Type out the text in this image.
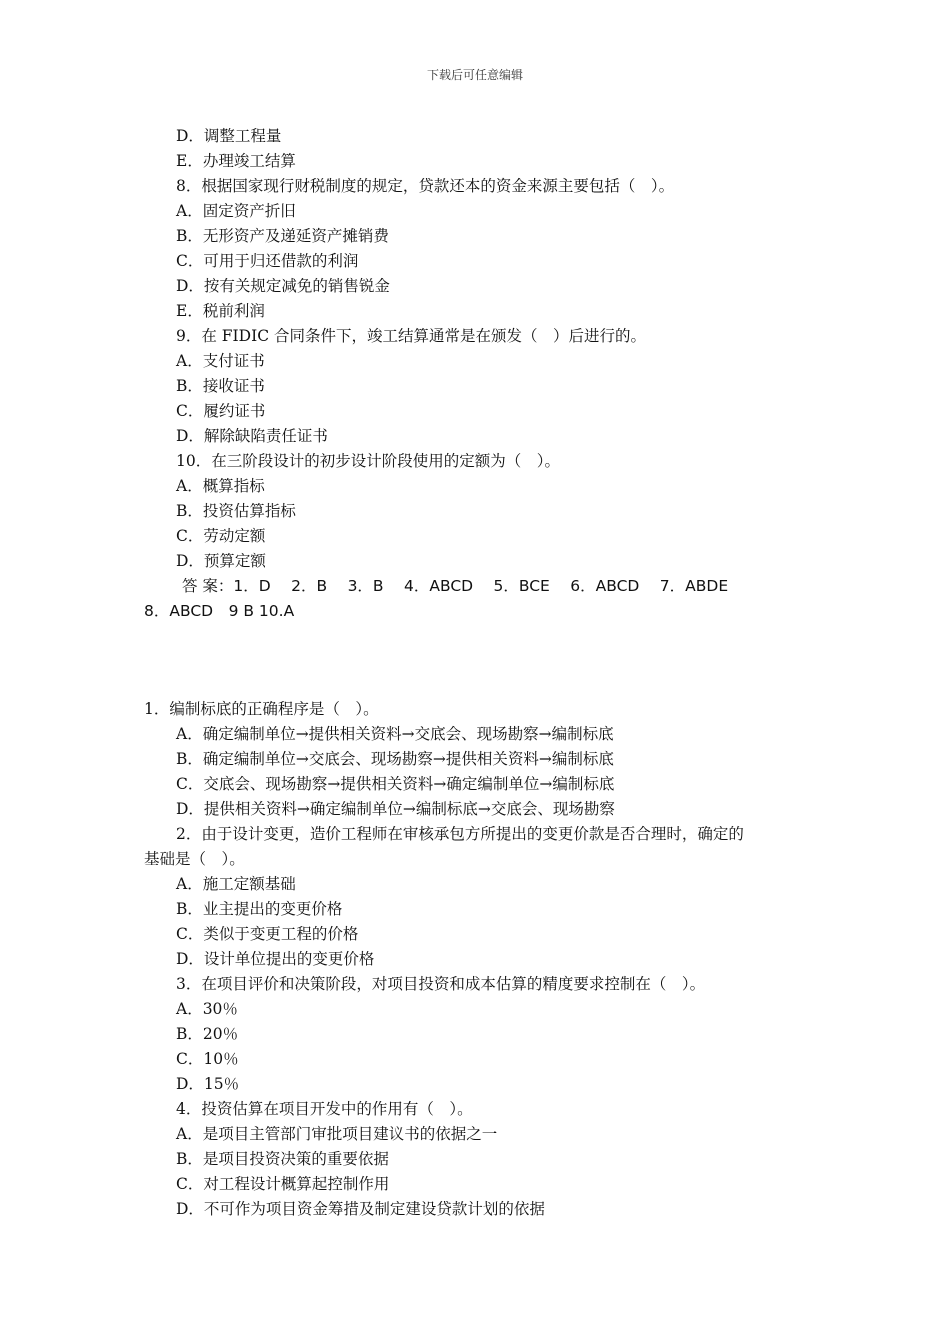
下载后可任意编辑
D．调整工程量
E．办理竣工结算
8．根据国家现行财税制度的规定，贷款还本的资金来源主要包括（　）。
A．固定资产折旧
B．无形资产及递延资产摊销费
C．可用于归还借款的利润
D．按有关规定减免的销售锐金
E．税前利润
9．在 FIDIC 合同条件下，竣工结算通常是在颁发（　）后进行的。
A．支付证书
B．接收证书
C．履约证书
D．解除缺陷责任证书
10．在三阶段设计的初步设计阶段使用的定额为（　）。
A．概算指标
B．投资估算指标
C．劳动定额
D．预算定额
答 案：1．D　 2．B　 3．B　 4．ABCD　 5．BCE　 6．ABCD　 7．ABDE
8．ABCD　9 B 10.A
1．编制标底的正确程序是（　）。
A．确定编制单位→提供相关资料→交底会、现场勘察→编制标底
B．确定编制单位→交底会、现场勘察→提供相关资料→编制标底
C．交底会、现场勘察→提供相关资料→确定编制单位→编制标底
D．提供相关资料→确定编制单位→编制标底→交底会、现场勘察
2．由于设计变更，造价工程师在审核承包方所提出的变更价款是否合理时，确定的
基础是（　）。
A．施工定额基础
B．业主提出的变更价格
C．类似于变更工程的价格
D．设计单位提出的变更价格
3．在项目评价和决策阶段，对项目投资和成本估算的精度要求控制在（　）。
A．30％
B．20％
C．10％
D．15％
4．投资估算在项目开发中的作用有（　）。
A．是项目主管部门审批项目建议书的依据之一
B．是项目投资决策的重要依据
C．对工程设计概算起控制作用
D．不可作为项目资金筹措及制定建设贷款计划的依据
